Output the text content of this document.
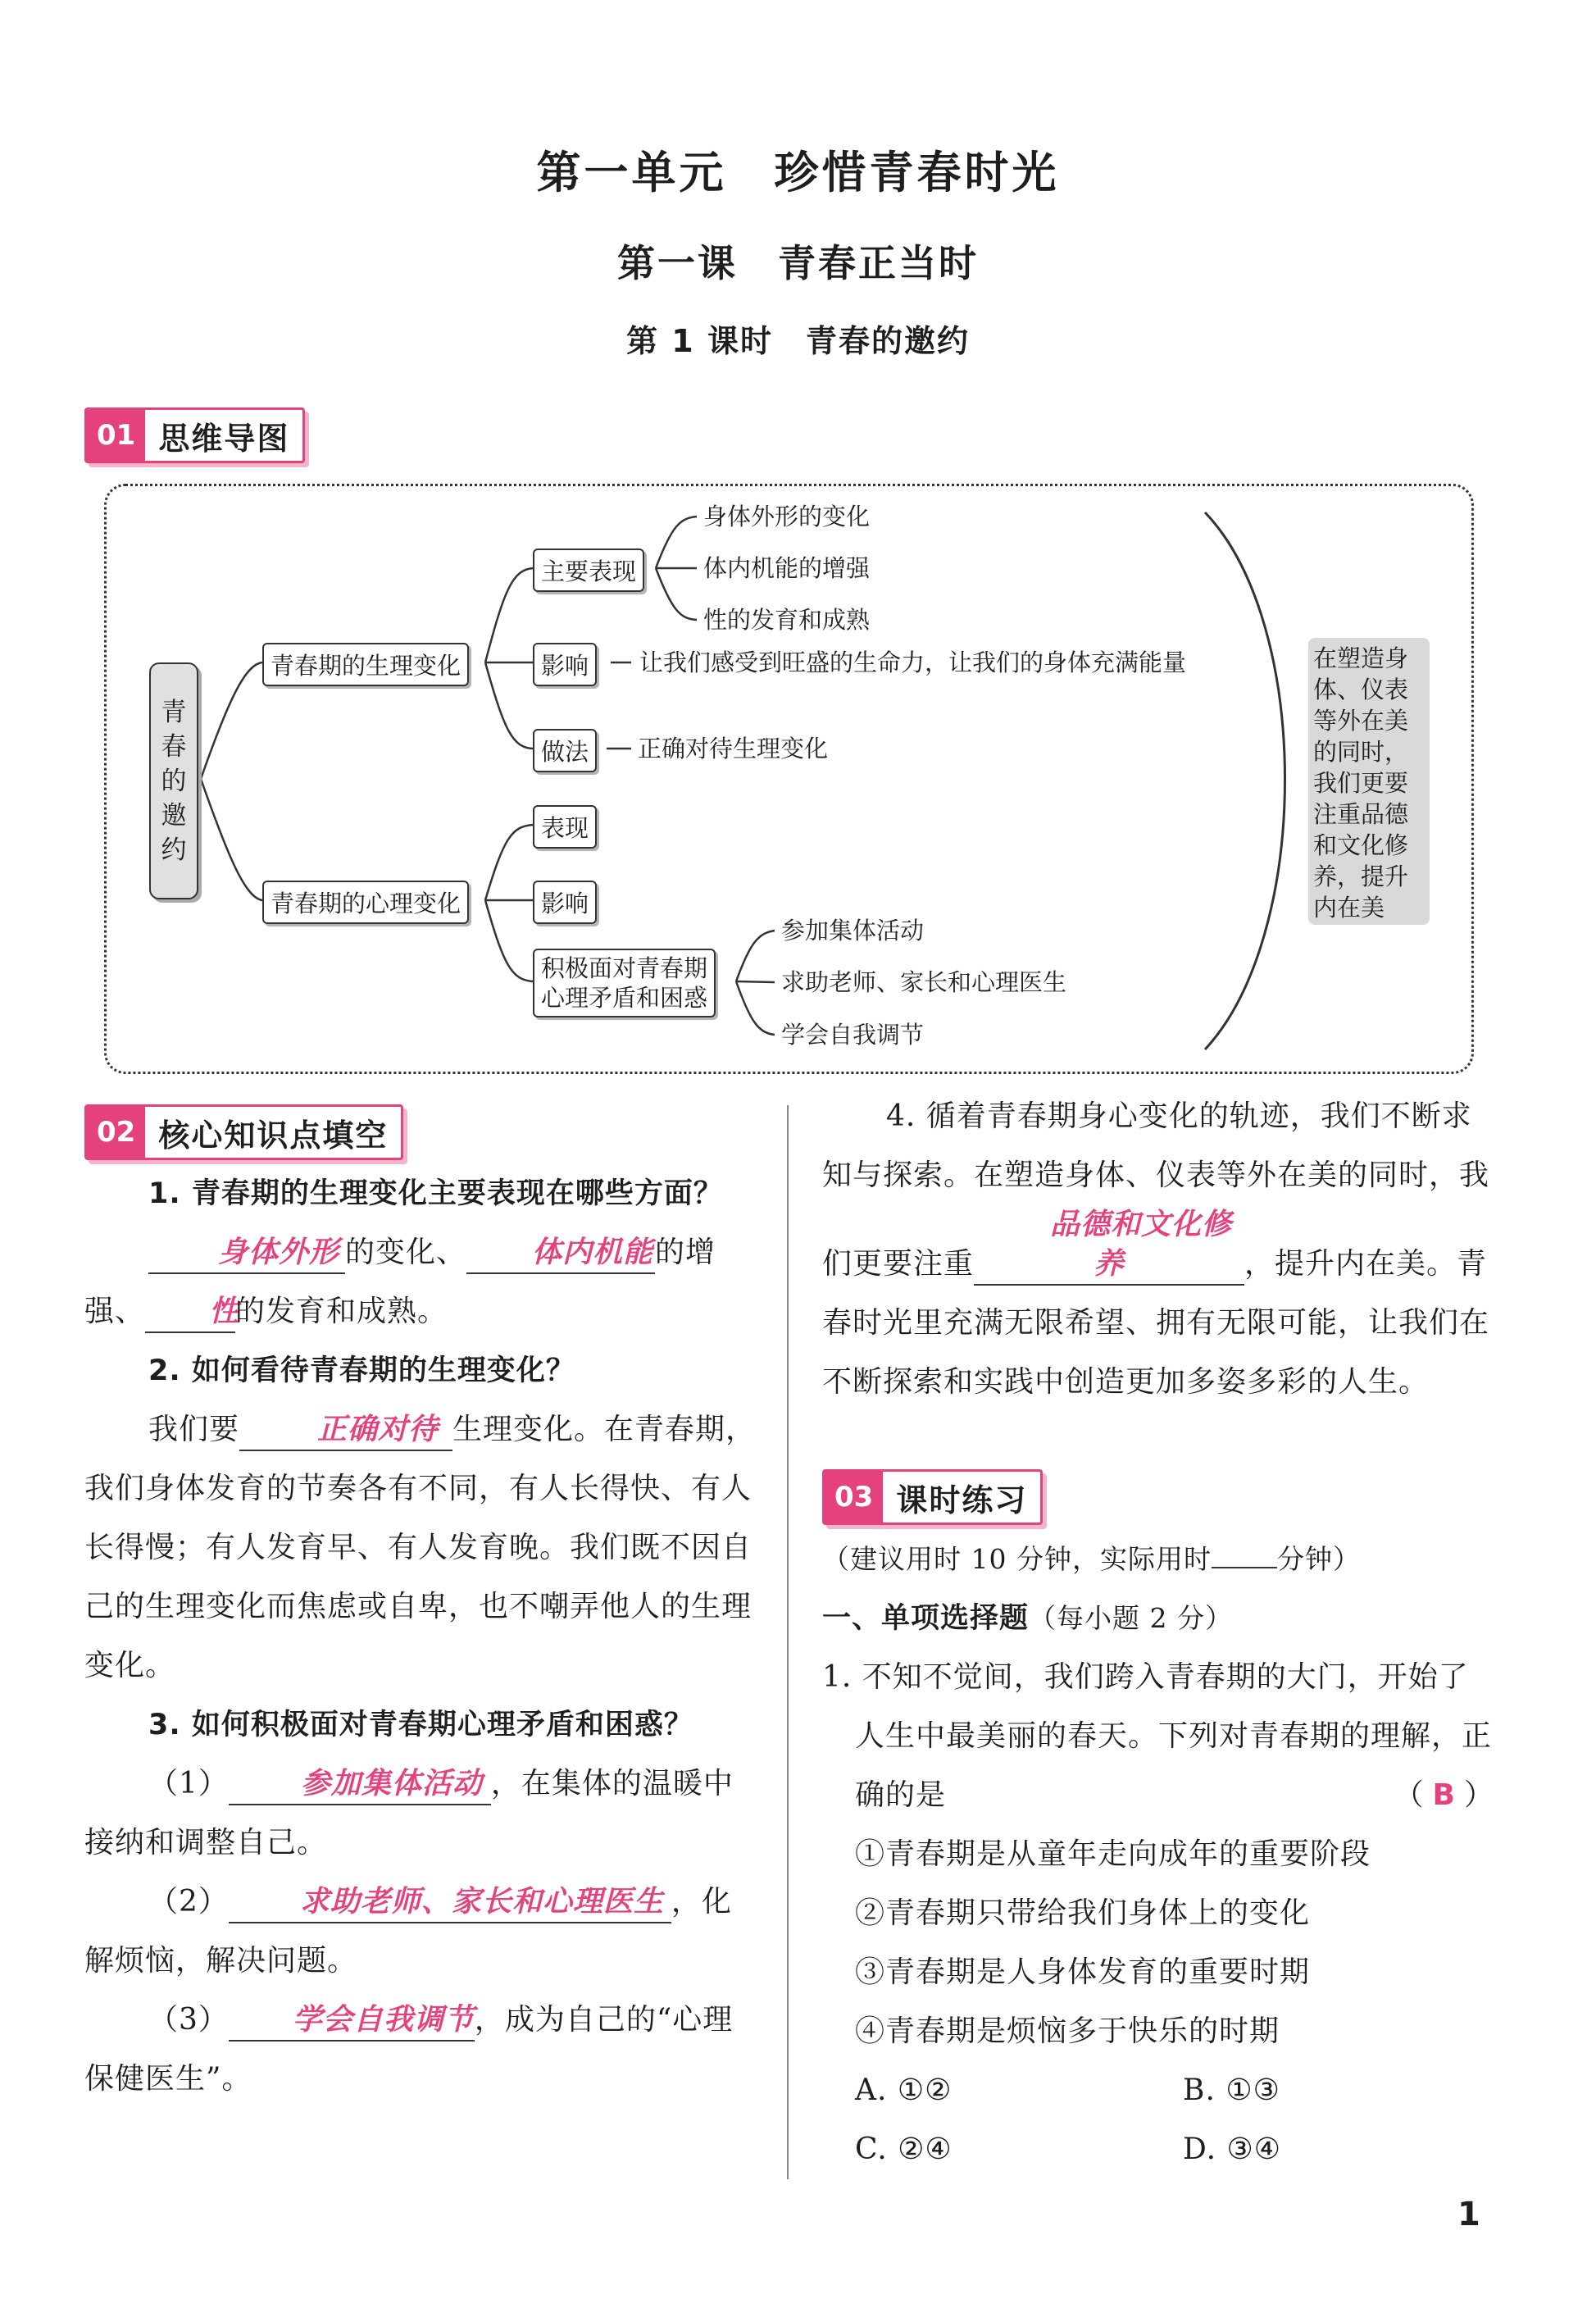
第一单元　珍惜青春时光
第一课　青春正当时
第 1 课时　青春的邀约
01 思维导图
身体外形的变化
体内机能的增强
性的发育和成熟
让我们感受到旺盛的生命力，让我们的身体充满能量
正确对待生理变化
参加集体活动
求助老师、家长和心理医生
学会自我调节
青
春
的
邀
约
青春期的生理变化
青春期的心理变化
主要表现
影响
做法
表现
影响
积极面对青春期
心理矛盾和困惑
在塑造身
体、仪表
等外在美
的同时，
我们更要
注重品德
和文化修
养，提升
内在美
02 核心知识点填空
1. 青春期的生理变化主要表现在哪些方面？
身体外形 的变化、 体内机能的增强、 性的发育和成熟。
2. 如何看待青春期的生理变化？
我们要	正确对待 生理变化。在青春期，我们身体发育的节奏各有不同，有人长得快、有人长得慢；有人发育早、有人发育晚。我们既不因自己的生理变化而焦虑或自卑，也不嘲弄他人的生理变化。
3. 如何积极面对青春期心理矛盾和困惑？
（1） 参加集体活动 ，在集体的温暖中接纳和调整自己。
（2） 求助老师、家长和心理医生 ，化解烦恼，解决问题。
（3） 学会自我调节，成为自己的“心理保健医生”。
4. 循着青春期身心变化的轨迹，我们不断求知与探索。在塑造身体、仪表等外在美的同时，我们更要注重品德和文化修养	，提升内在美。青春时光里充满无限希望、拥有无限可能，让我们在不断探索和实践中创造更加多姿多彩的人生。
03 课时练习
（建议用时 10 分钟，实际用时 分钟）
一、单项选择题（每小题 2 分）
1. 不知不觉间，我们跨入青春期的大门，开始了人生中最美丽的春天。下列对青春期的理解，正确的是	（ B ）
①青春期是从童年走向成年的重要阶段
②青春期只带给我们身体上的变化
③青春期是人身体发育的重要时期
④青春期是烦恼多于快乐的时期
A. ①②	B. ①③
C. ②④	D. ③④
1
